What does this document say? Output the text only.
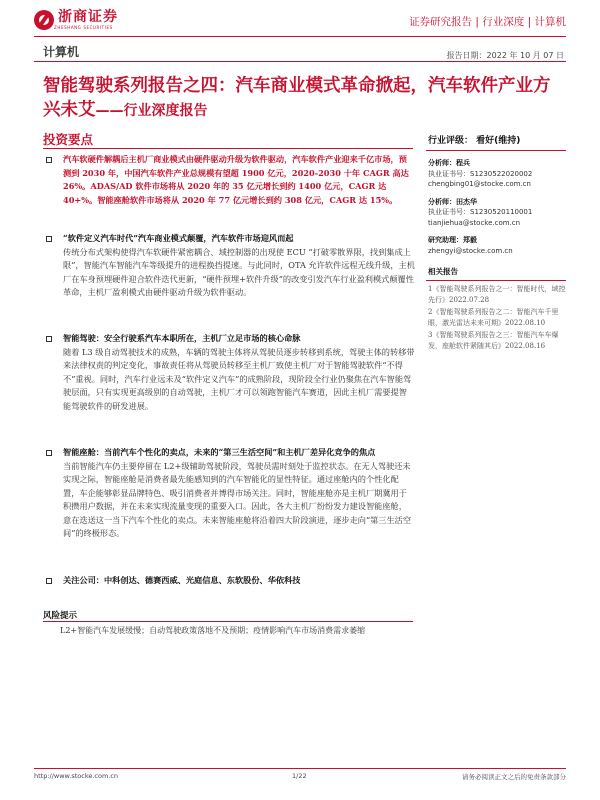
浙商证券
ZHESHANG SECURITIES	证券研究报告 | 行业深度 | 计算机
计算机	报告日期：2022 年 10 月 07 日
智能驾驶系列报告之四：汽车商业模式革命掀起，汽车软件产业方兴未艾——行业深度报告
投资要点
汽车软硬件解耦后主机厂商业模式由硬件驱动升级为软件驱动，汽车软件产业迎来千亿市场，预测到 2030 年，中国汽车软件产业总规模有望超 1900 亿元，2020-2030 十年 CAGR 高达 26%。ADAS/AD 软件市场将从 2020 年的 35 亿元增长到约 1400 亿元，CAGR 达 40+%。智能座舱软件市场将从 2020 年 77 亿元增长到约 308 亿元，CAGR 达 15%。
“软件定义汽车时代”汽车商业模式颠覆，汽车软件市场迎风而起
传统分布式架构使得汽车软硬件紧密耦合、域控制器的出现使 ECU “打破零散界限，找到集成上限”，智能汽车智能汽车等级提升的进程换挡提速。与此同时，OTA 允许软件远程无线升级，主机厂在车身预埋硬件迎合软件迭代更新，“硬件预埋+软件升级”的改变引发汽车行业盈利模式颠覆性革命，主机厂盈利模式由硬件驱动升级为软件驱动。
智能驾驶：安全行驶系汽车本职所在，主机厂立足市场的核心命脉
随着 L3 级自动驾驶技术的成熟，车辆的驾驶主体将从驾驶员逐步转移到系统，驾驶主体的转移带来法律权责的判定变化，事故责任将从驾驶员转移至主机厂致使主机厂对于智能驾驶软件“不得不”重视。同时，汽车行业远未及“软件定义汽车”的成熟阶段，现阶段全行业仍聚焦在汽车智能驾驶层面，只有实现更高级别的自动驾驶，主机厂才可以领跑智能汽车赛道，因此主机厂需要提智能驾驶软件的研发进展。
智能座舱：当前汽车个性化的卖点，未来的“第三生活空间”和主机厂差异化竞争的焦点
当前智能汽车仍主要停留在 L2+级辅助驾驶阶段，驾驶员需时刻处于监控状态。在无人驾驶还未实现之际，智能座舱是消费者最先能感知到的汽车智能化的显性特征。通过座舱内的个性化配置，车企能够彰显品牌特色、吸引消费者并博得市场关注。同时，智能座舱亦是主机厂期冀用于积攒用户数据，并在未来实现流量变现的重要入口。因此，各大主机厂纷纷发力建设智能座舱，意在迭送这一当下汽车个性化的卖点。未来智能座舱将沿着四大阶段演进，逐步走向“第三生活空间”的终极形态。
关注公司：中科创达、德赛西威、光庭信息、东软股份、华依科技
行业评级： 看好(维持)
分析师：程兵
执业证书号：S1230522020002
chengbing01@stocke.com.cn
分析师：田杰华
执业证书号：S1230520110001
tianjiehua@stocke.com.cn
研究助理：郑毅
zhengyi@stocke.com.cn
相关报告
1《智能驾驶系列报告之一：智能时代，域控先行》2022.07.28
2《智能驾驶系列报告之二：智能汽车千里眼，激光雷达未来可期》2022.08.10
3《智能驾驶系列报告之三：智能汽车车爆发，座舱软件紧随其后》2022.08.16
风险提示
L2+智能汽车发展缓慢；自动驾驶政策落地不及预期；疫情影响汽车市场消费需求萎缩
http://www.stocke.com.cn	1/22	请务必阅读正文之后的免责条款部分
